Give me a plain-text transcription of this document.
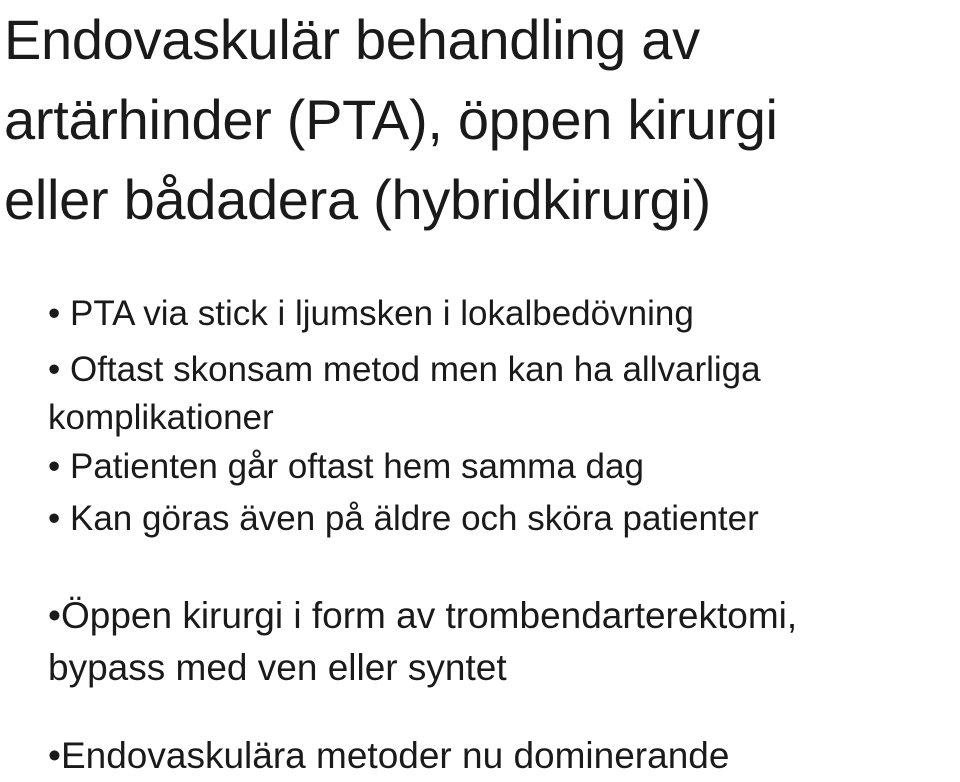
Endovaskulär behandling av
artärhinder (PTA), öppen kirurgi
eller bådadera (hybridkirurgi)
• PTA via stick i ljumsken i lokalbedövning
• Oftast skonsam metod men kan ha allvarliga
komplikationer
• Patienten går oftast hem samma dag
• Kan göras även på äldre och sköra patienter
•Öppen kirurgi i form av trombendarterektomi,
bypass med ven eller syntet
•Endovaskulära metoder nu dominerande
